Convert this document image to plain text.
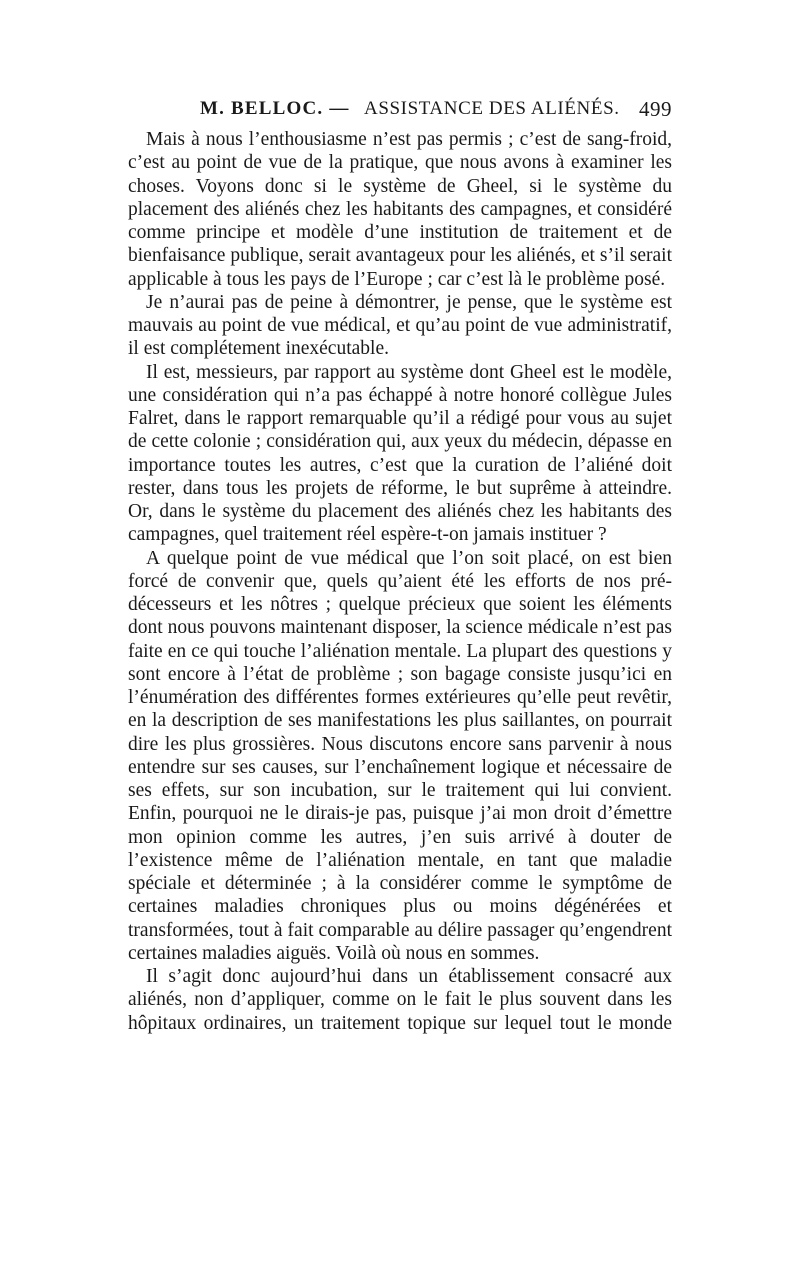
M. BELLOC. — ASSISTANCE DES ALIÉNÉS. 499

Mais à nous l’enthousiasme n’est pas permis ; c’est de sang-froid, c’est au point de vue de la pratique, que nous avons à examiner les choses. Voyons donc si le système de Gheel, si le système du placement des aliénés chez les habitants des campagnes, et considéré comme principe et modèle d’une institution de traitement et de bienfaisance publique, serait avantageux pour les aliénés, et s’il serait applicable à tous les pays de l’Europe ; car c’est là le problème posé.

Je n’aurai pas de peine à démontrer, je pense, que le système est mauvais au point de vue médical, et qu’au point de vue administratif, il est complétement inexécutable.

Il est, messieurs, par rapport au système dont Gheel est le modèle, une considération qui n’a pas échappé à notre honoré collègue Jules Falret, dans le rapport remarquable qu’il a rédigé pour vous au sujet de cette colonie ; considération qui, aux yeux du médecin, dépasse en importance toutes les autres, c’est que la curation de l’aliéné doit rester, dans tous les projets de réforme, le but suprême à atteindre. Or, dans le système du placement des aliénés chez les habitants des campagnes, quel traitement réel espère-t-on jamais instituer ?

A quelque point de vue médical que l’on soit placé, on est bien forcé de convenir que, quels qu’aient été les efforts de nos prédécesseurs et les nôtres ; quelque précieux que soient les éléments dont nous pouvons maintenant disposer, la science médicale n’est pas faite en ce qui touche l’aliénation mentale. La plupart des questions y sont encore à l’état de problème ; son bagage consiste jusqu’ici en l’énumération des différentes formes extérieures qu’elle peut revêtir, en la description de ses manifestations les plus saillantes, on pourrait dire les plus grossières. Nous discutons encore sans parvenir à nous entendre sur ses causes, sur l’enchaînement logique et nécessaire de ses effets, sur son incubation, sur le traitement qui lui convient. Enfin, pourquoi ne le dirais-je pas, puisque j’ai mon droit d’émettre mon opinion comme les autres, j’en suis arrivé à douter de l’existence même de l’aliénation mentale, en tant que maladie spéciale et déterminée ; à la considérer comme le symptôme de certaines maladies chroniques plus ou moins dégénérées et transformées, tout à fait comparable au délire passager qu’engendrent certaines maladies aiguës. Voilà où nous en sommes.

Il s’agit donc aujourd’hui dans un établissement consacré aux aliénés, non d’appliquer, comme on le fait le plus souvent dans les hôpitaux ordinaires, un traitement topique sur lequel tout le monde
